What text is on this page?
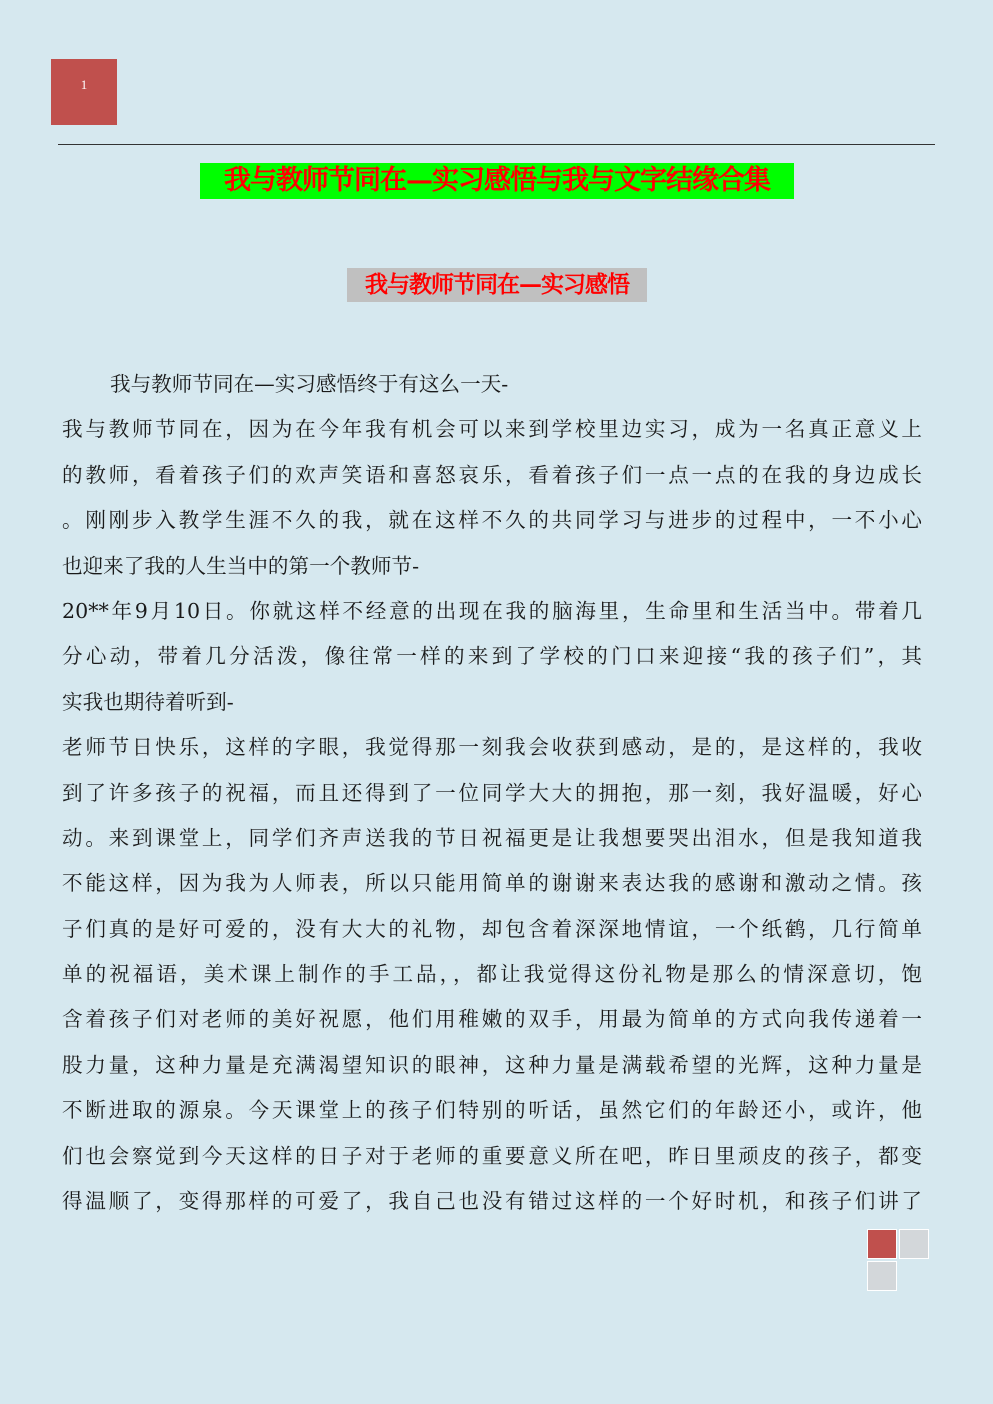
1
我与教师节同在—实习感悟与我与文字结缘合集
我与教师节同在—实习感悟
我与教师节同在—实习感悟终于有这么一天-
我与教师节同在，因为在今年我有机会可以来到学校里边实习，成为一名真正意义上
的教师，看着孩子们的欢声笑语和喜怒哀乐，看着孩子们一点一点的在我的身边成长
。刚刚步入教学生涯不久的我，就在这样不久的共同学习与进步的过程中，一不小心
也迎来了我的人生当中的第一个教师节-
20**年9月10日。你就这样不经意的出现在我的脑海里，生命里和生活当中。带着几
分心动，带着几分活泼，像往常一样的来到了学校的门口来迎接“我的孩子们”，其
实我也期待着听到-
老师节日快乐，这样的字眼，我觉得那一刻我会收获到感动，是的，是这样的，我收
到了许多孩子的祝福，而且还得到了一位同学大大的拥抱，那一刻，我好温暖，好心
动。来到课堂上，同学们齐声送我的节日祝福更是让我想要哭出泪水，但是我知道我
不能这样，因为我为人师表，所以只能用简单的谢谢来表达我的感谢和激动之情。孩
子们真的是好可爱的，没有大大的礼物，却包含着深深地情谊，一个纸鹤，几行简单
单的祝福语，美术课上制作的手工品，，都让我觉得这份礼物是那么的情深意切，饱
含着孩子们对老师的美好祝愿，他们用稚嫩的双手，用最为简单的方式向我传递着一
股力量，这种力量是充满渴望知识的眼神，这种力量是满载希望的光辉，这种力量是
不断进取的源泉。今天课堂上的孩子们特别的听话，虽然它们的年龄还小，或许，他
们也会察觉到今天这样的日子对于老师的重要意义所在吧，昨日里顽皮的孩子，都变
得温顺了，变得那样的可爱了，我自己也没有错过这样的一个好时机，和孩子们讲了
